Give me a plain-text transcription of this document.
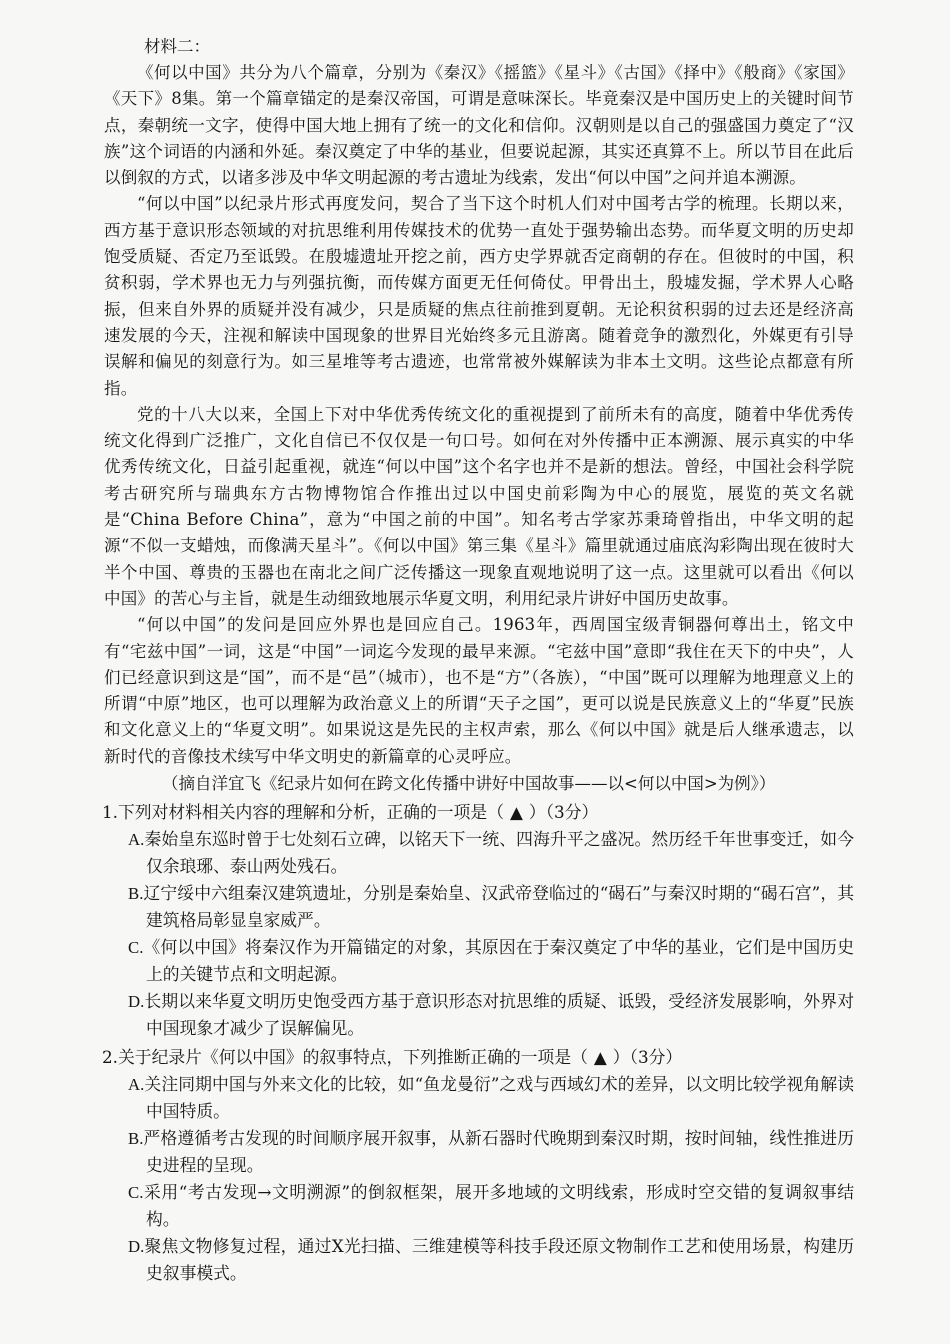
材料二：

《何以中国》共分为八个篇章，分别为《秦汉》《摇篮》《星斗》《古国》《择中》《般商》《家国》《天下》8集。第一个篇章锚定的是秦汉帝国，可谓是意味深长。毕竟秦汉是中国历史上的关键时间节点，秦朝统一文字，使得中国大地上拥有了统一的文化和信仰。汉朝则是以自己的强盛国力奠定了“汉族”这个词语的内涵和外延。秦汉奠定了中华的基业，但要说起源，其实还真算不上。所以节目在此后以倒叙的方式，以诸多涉及中华文明起源的考古遗址为线索，发出“何以中国”之问并追本溯源。

“何以中国”以纪录片形式再度发问，契合了当下这个时机人们对中国考古学的梳理。长期以来，西方基于意识形态领域的对抗思维利用传媒技术的优势一直处于强势输出态势。而华夏文明的历史却饱受质疑、否定乃至诋毁。在殷墟遗址开挖之前，西方史学界就否定商朝的存在。但彼时的中国，积贫积弱，学术界也无力与列强抗衡，而传媒方面更无任何倚仗。甲骨出土，殷墟发掘，学术界人心略振，但来自外界的质疑并没有减少，只是质疑的焦点往前推到夏朝。无论积贫积弱的过去还是经济高速发展的今天，注视和解读中国现象的世界目光始终多元且游离。随着竞争的激烈化，外媒更有引导误解和偏见的刻意行为。如三星堆等考古遗迹，也常常被外媒解读为非本土文明。这些论点都意有所指。

党的十八大以来，全国上下对中华优秀传统文化的重视提到了前所未有的高度，随着中华优秀传统文化得到广泛推广，文化自信已不仅仅是一句口号。如何在对外传播中正本溯源、展示真实的中华优秀传统文化，日益引起重视，就连“何以中国”这个名字也并不是新的想法。曾经，中国社会科学院考古研究所与瑞典东方古物博物馆合作推出过以中国史前彩陶为中心的展览，展览的英文名就是“China Before China”，意为“中国之前的中国”。知名考古学家苏秉琦曾指出，中华文明的起源“不似一支蜡烛，而像满天星斗”。《何以中国》第三集《星斗》篇里就通过庙底沟彩陶出现在彼时大半个中国、尊贵的玉器也在南北之间广泛传播这一现象直观地说明了这一点。这里就可以看出《何以中国》的苦心与主旨，就是生动细致地展示华夏文明，利用纪录片讲好中国历史故事。

“何以中国”的发问是回应外界也是回应自己。1963年，西周国宝级青铜器何尊出土，铭文中有“宅兹中国”一词，这是“中国”一词迄今发现的最早来源。“宅兹中国”意即“我住在天下的中央”，人们已经意识到这是“国”，而不是“邑”（城市），也不是“方”（各族），“中国”既可以理解为地理意义上的所谓“中原”地区，也可以理解为政治意义上的所谓“天子之国”，更可以说是民族意义上的“华夏”民族和文化意义上的“华夏文明”。如果说这是先民的主权声索，那么《何以中国》就是后人继承遗志，以新时代的音像技术续写中华文明史的新篇章的心灵呼应。

（摘自洋宜飞《纪录片如何在跨文化传播中讲好中国故事——以<何以中国>为例》）

1.下列对材料相关内容的理解和分析，正确的一项是（ ▲ ）（3分）

A.秦始皇东巡时曾于七处刻石立碑，以铭天下一统、四海升平之盛况。然历经千年世事变迁，如今仅余琅琊、泰山两处残石。

B.辽宁绥中六组秦汉建筑遗址，分别是秦始皇、汉武帝登临过的“碣石”与秦汉时期的“碣石宫”，其建筑格局彰显皇家威严。

C.《何以中国》将秦汉作为开篇锚定的对象，其原因在于秦汉奠定了中华的基业，它们是中国历史上的关键节点和文明起源。

D.长期以来华夏文明历史饱受西方基于意识形态对抗思维的质疑、诋毁，受经济发展影响，外界对中国现象才减少了误解偏见。

2.关于纪录片《何以中国》的叙事特点，下列推断正确的一项是（ ▲ ）（3分）

A.关注同期中国与外来文化的比较，如“鱼龙曼衍”之戏与西域幻术的差异，以文明比较学视角解读中国特质。

B.严格遵循考古发现的时间顺序展开叙事，从新石器时代晚期到秦汉时期，按时间轴，线性推进历史进程的呈现。

C.采用“考古发现→文明溯源”的倒叙框架，展开多地域的文明线索，形成时空交错的复调叙事结构。

D.聚焦文物修复过程，通过X光扫描、三维建模等科技手段还原文物制作工艺和使用场景，构建历史叙事模式。
